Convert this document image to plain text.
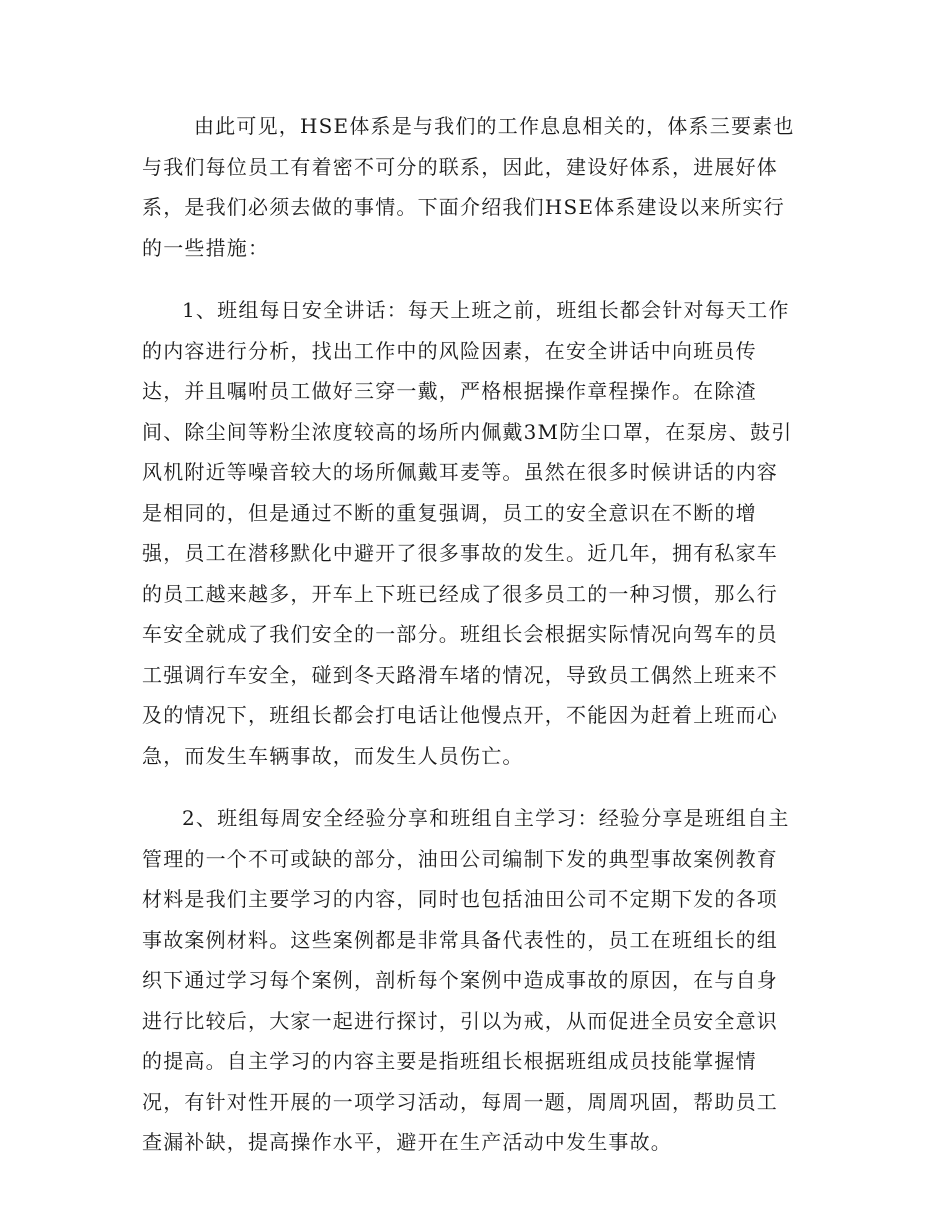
由此可见，HSE体系是与我们的工作息息相关的，体系三要素也
与我们每位员工有着密不可分的联系，因此，建设好体系，进展好体
系，是我们必须去做的事情。下面介绍我们HSE体系建设以来所实行
的一些措施：

1、班组每日安全讲话：每天上班之前，班组长都会针对每天工作
的内容进行分析，找出工作中的风险因素，在安全讲话中向班员传
达，并且嘱咐员工做好三穿一戴，严格根据操作章程操作。在除渣
间、除尘间等粉尘浓度较高的场所内佩戴3M防尘口罩，在泵房、鼓引
风机附近等噪音较大的场所佩戴耳麦等。虽然在很多时候讲话的内容
是相同的，但是通过不断的重复强调，员工的安全意识在不断的增
强，员工在潜移默化中避开了很多事故的发生。近几年，拥有私家车
的员工越来越多，开车上下班已经成了很多员工的一种习惯，那么行
车安全就成了我们安全的一部分。班组长会根据实际情况向驾车的员
工强调行车安全，碰到冬天路滑车堵的情况，导致员工偶然上班来不
及的情况下，班组长都会打电话让他慢点开，不能因为赶着上班而心
急，而发生车辆事故，而发生人员伤亡。

2、班组每周安全经验分享和班组自主学习：经验分享是班组自主
管理的一个不可或缺的部分，油田公司编制下发的典型事故案例教育
材料是我们主要学习的内容，同时也包括油田公司不定期下发的各项
事故案例材料。这些案例都是非常具备代表性的，员工在班组长的组
织下通过学习每个案例，剖析每个案例中造成事故的原因，在与自身
进行比较后，大家一起进行探讨，引以为戒，从而促进全员安全意识
的提高。自主学习的内容主要是指班组长根据班组成员技能掌握情
况，有针对性开展的一项学习活动，每周一题，周周巩固，帮助员工
查漏补缺，提高操作水平，避开在生产活动中发生事故。
